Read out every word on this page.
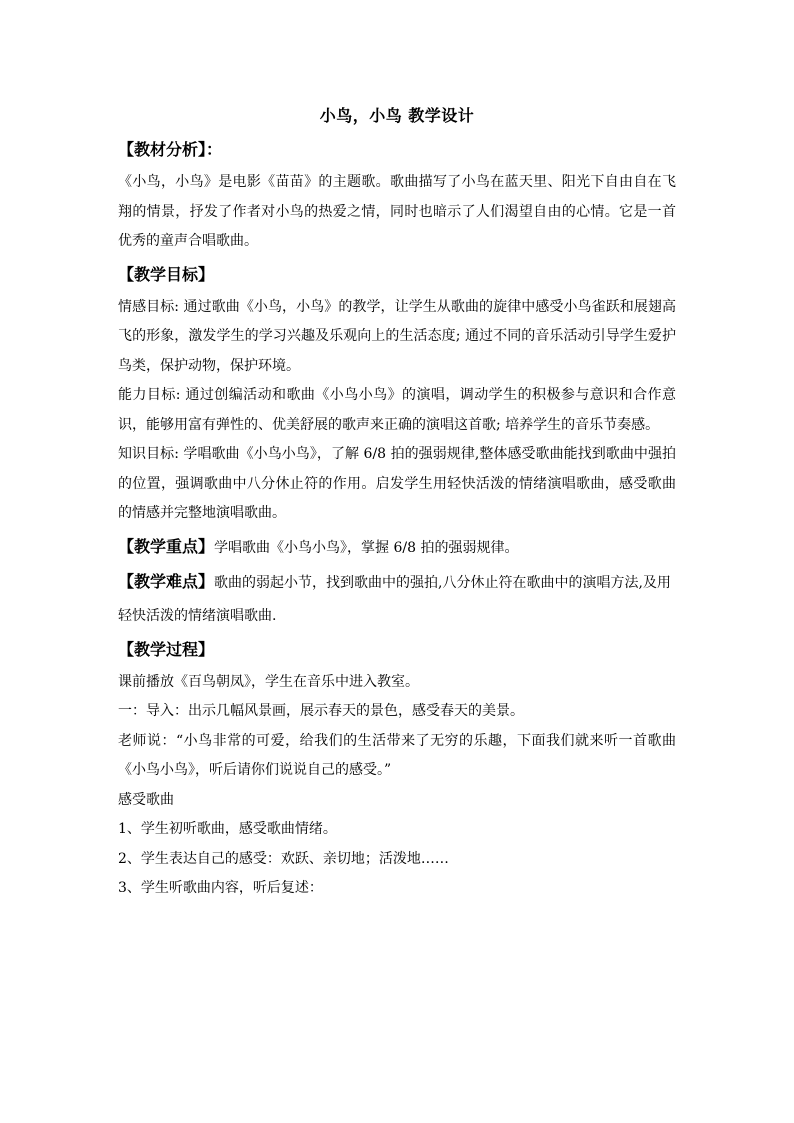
小鸟，小鸟 教学设计
【教材分析】：

《小鸟，小鸟》是电影《苗苗》的主题歌。歌曲描写了小鸟在蓝天里、阳光下自由自在飞翔的情景，抒发了作者对小鸟的热爱之情，同时也暗示了人们渴望自由的心情。它是一首优秀的童声合唱歌曲。

【教学目标】

情感目标: 通过歌曲《小鸟，小鸟》的教学，让学生从歌曲的旋律中感受小鸟雀跃和展翅高飞的形象，激发学生的学习兴趣及乐观向上的生活态度; 通过不同的音乐活动引导学生爱护鸟类，保护动物，保护环境。

能力目标: 通过创编活动和歌曲《小鸟小鸟》的演唱，调动学生的积极参与意识和合作意识，能够用富有弹性的、优美舒展的歌声来正确的演唱这首歌; 培养学生的音乐节奏感。

知识目标: 学唱歌曲《小鸟小鸟》，了解 6/8 拍的强弱规律,整体感受歌曲能找到歌曲中强拍的位置，强调歌曲中八分休止符的作用。启发学生用轻快活泼的情绪演唱歌曲，感受歌曲的情感并完整地演唱歌曲。

【教学重点】学唱歌曲《小鸟小鸟》，掌握 6/8 拍的强弱规律。
【教学难点】歌曲的弱起小节，找到歌曲中的强拍,八分休止符在歌曲中的演唱方法,及用轻快活泼的情绪演唱歌曲.
【教学过程】

课前播放《百鸟朝凤》，学生在音乐中进入教室。

一：导入：出示几幅风景画，展示春天的景色，感受春天的美景。

老师说：“小鸟非常的可爱，给我们的生活带来了无穷的乐趣，下面我们就来听一首歌曲《小鸟小鸟》，听后请你们说说自己的感受。”

感受歌曲

1、学生初听歌曲，感受歌曲情绪。

2、学生表达自己的感受：欢跃、亲切地；活泼地……

3、学生听歌曲内容，听后复述：
